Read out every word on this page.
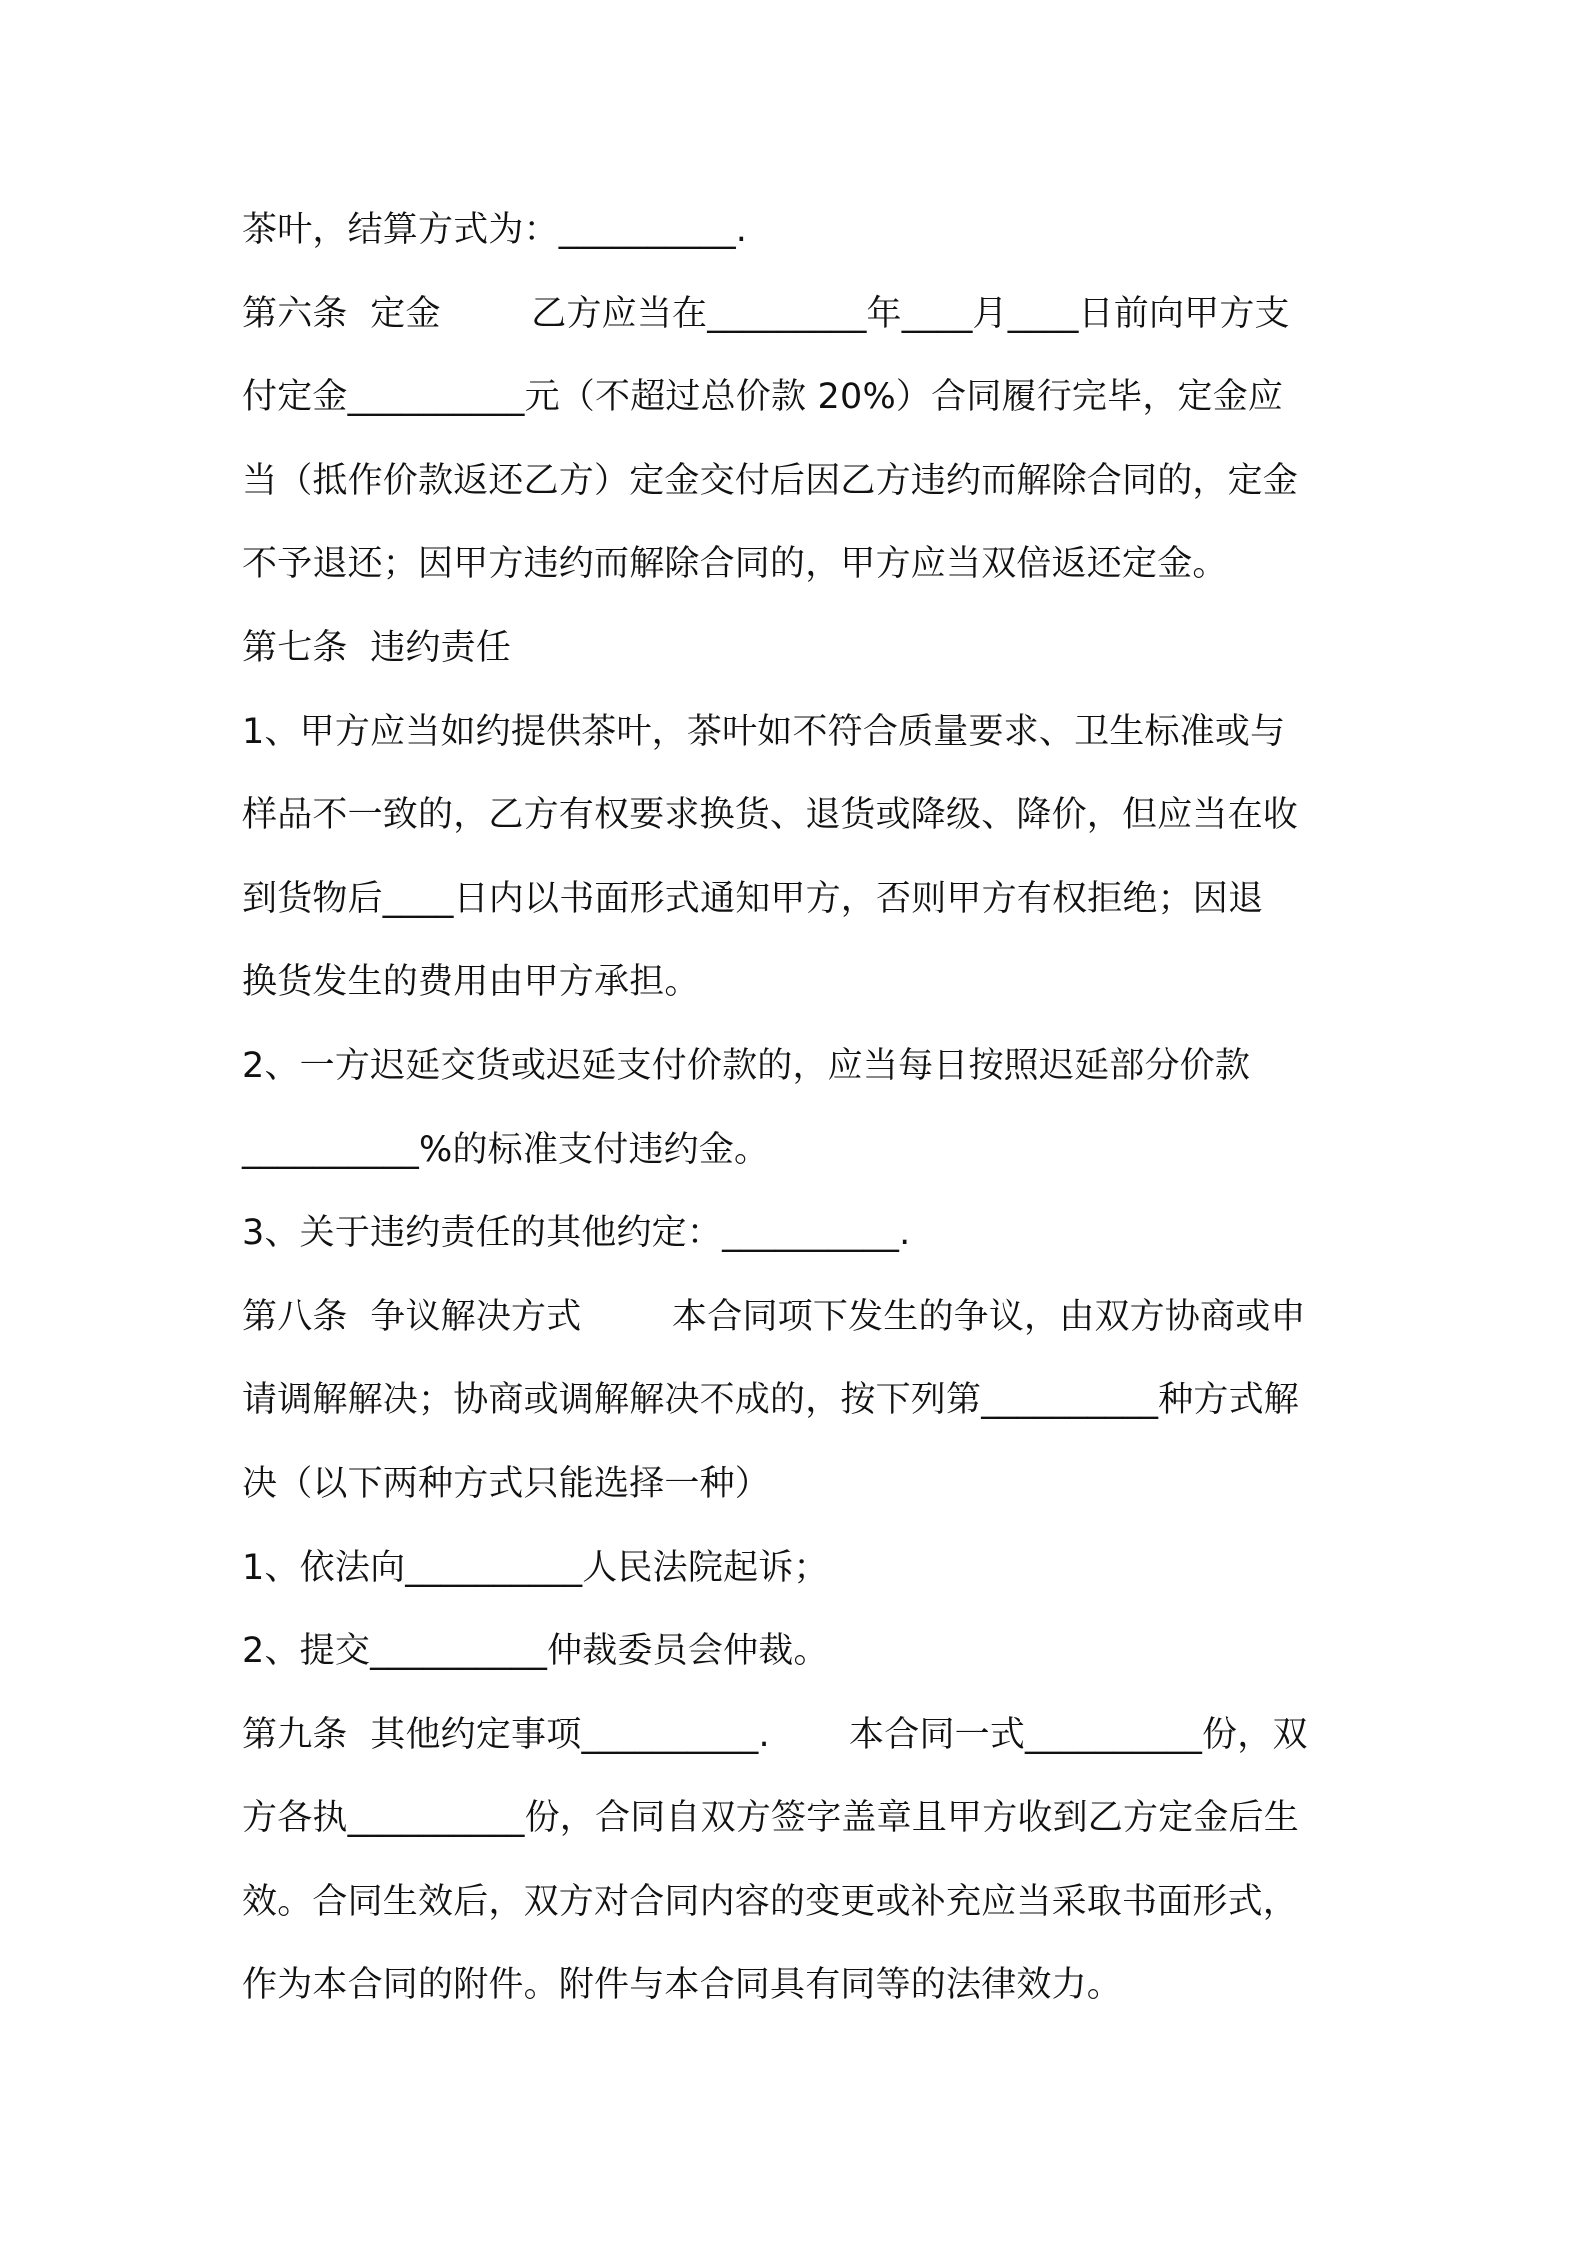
茶叶，结算方式为：__________.
第六条  定金        乙方应当在_________年____月____日前向甲方支
付定金__________元（不超过总价款 20%）合同履行完毕，定金应
当（抵作价款返还乙方）定金交付后因乙方违约而解除合同的，定金
不予退还；因甲方违约而解除合同的，甲方应当双倍返还定金。
第七条  违约责任
1、甲方应当如约提供茶叶，茶叶如不符合质量要求、卫生标准或与
样品不一致的，乙方有权要求换货、退货或降级、降价，但应当在收
到货物后____日内以书面形式通知甲方，否则甲方有权拒绝；因退
换货发生的费用由甲方承担。
2、一方迟延交货或迟延支付价款的，应当每日按照迟延部分价款
__________%的标准支付违约金。
3、关于违约责任的其他约定：__________.
第八条  争议解决方式        本合同项下发生的争议，由双方协商或申
请调解解决；协商或调解解决不成的，按下列第__________种方式解
决（以下两种方式只能选择一种）
1、依法向__________人民法院起诉；
2、提交__________仲裁委员会仲裁。
第九条  其他约定事项__________.       本合同一式__________份，双
方各执__________份，合同自双方签字盖章且甲方收到乙方定金后生
效。合同生效后，双方对合同内容的变更或补充应当采取书面形式，
作为本合同的附件。附件与本合同具有同等的法律效力。
